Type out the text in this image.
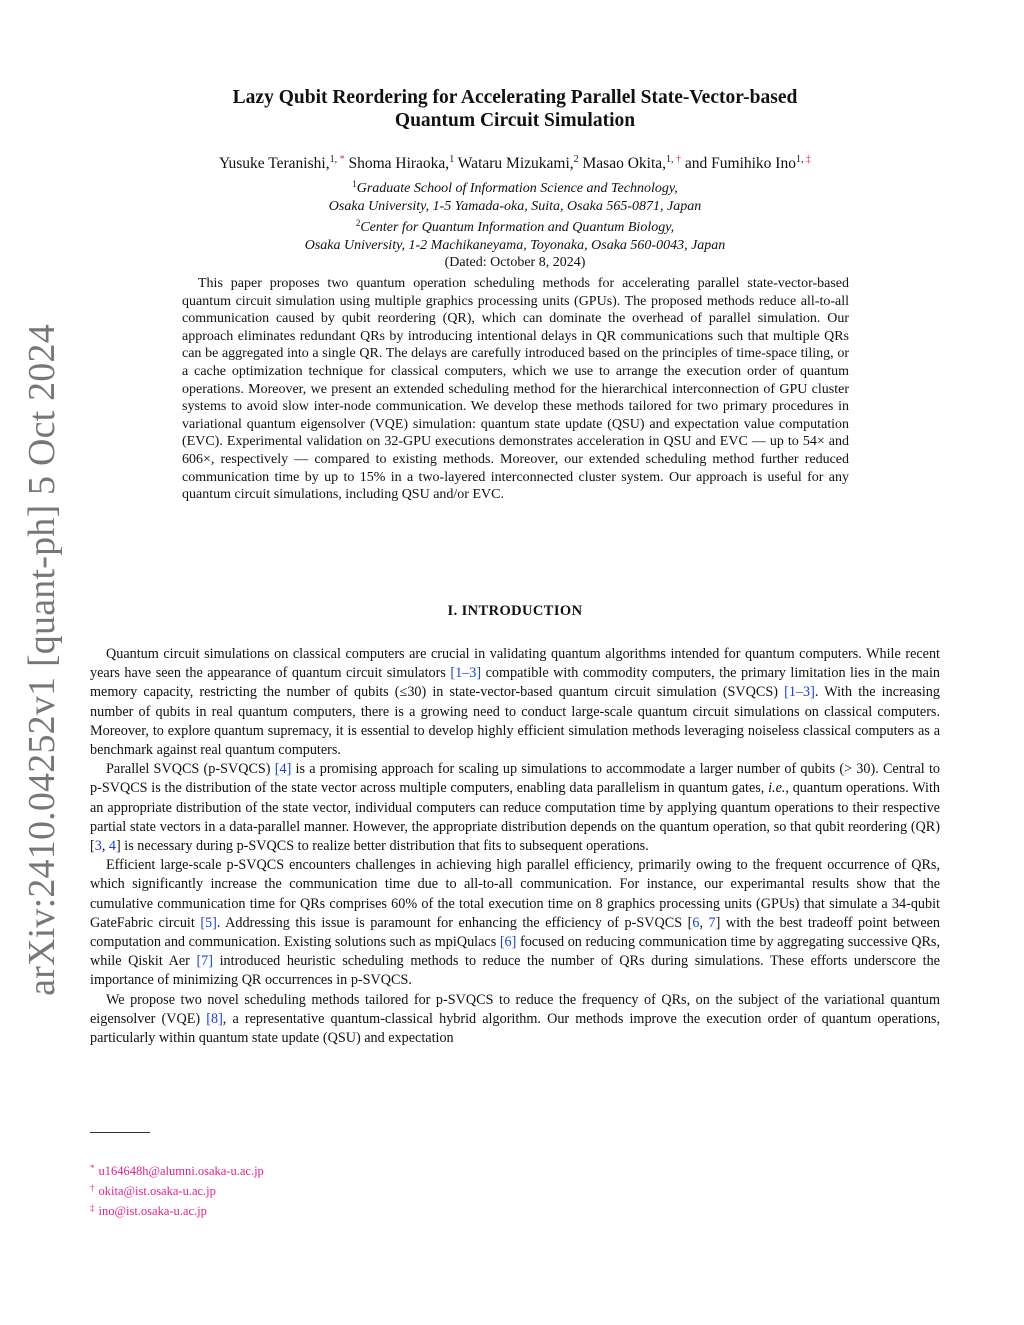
arXiv:2410.04252v1 [quant-ph] 5 Oct 2024
Lazy Qubit Reordering for Accelerating Parallel State-Vector-based
Quantum Circuit Simulation
Yusuke Teranishi,$^{1, *}$ Shoma Hiraoka,$^1$ Wataru Mizukami,$^2$ Masao Okita,$^{1, \dagger}$ and Fumihiko Ino$^{1, \ddagger}$
$^1$Graduate School of Information Science and Technology,
Osaka University, 1-5 Yamada-oka, Suita, Osaka 565-0871, Japan
$^2$Center for Quantum Information and Quantum Biology,
Osaka University, 1-2 Machikaneyama, Toyonaka, Osaka 560-0043, Japan
(Dated: October 8, 2024)

This paper proposes two quantum operation scheduling methods for accelerating parallel state-vector-based quantum circuit simulation using multiple graphics processing units (GPUs). The proposed methods reduce all-to-all communication caused by qubit reordering (QR), which can dominate the overhead of parallel simulation. Our approach eliminates redundant QRs by introducing intentional delays in QR communications such that multiple QRs can be aggregated into a single QR. The delays are carefully introduced based on the principles of time-space tiling, or a cache optimization technique for classical computers, which we use to arrange the execution order of quantum operations. Moreover, we present an extended scheduling method for the hierarchical interconnection of GPU cluster systems to avoid slow inter-node communication. We develop these methods tailored for two primary procedures in variational quantum eigensolver (VQE) simulation: quantum state update (QSU) and expectation value computation (EVC). Experimental validation on 32-GPU executions demonstrates acceleration in QSU and EVC — up to 54× and 606×, respectively — compared to existing methods. Moreover, our extended scheduling method further reduced communication time by up to 15% in a two-layered interconnected cluster system. Our approach is useful for any quantum circuit simulations, including QSU and/or EVC.

I. INTRODUCTION

Quantum circuit simulations on classical computers are crucial in validating quantum algorithms intended for quantum computers. While recent years have seen the appearance of quantum circuit simulators [1–3] compatible with commodity computers, the primary limitation lies in the main memory capacity, restricting the number of qubits (≤30) in state-vector-based quantum circuit simulation (SVQCS) [1–3]. With the increasing number of qubits in real quantum computers, there is a growing need to conduct large-scale quantum circuit simulations on classical computers. Moreover, to explore quantum supremacy, it is essential to develop highly efficient simulation methods leveraging noiseless classical computers as a benchmark against real quantum computers.

Parallel SVQCS (p-SVQCS) [4] is a promising approach for scaling up simulations to accommodate a larger number of qubits (> 30). Central to p-SVQCS is the distribution of the state vector across multiple computers, enabling data parallelism in quantum gates, i.e., quantum operations. With an appropriate distribution of the state vector, individual computers can reduce computation time by applying quantum operations to their respective partial state vectors in a data-parallel manner. However, the appropriate distribution depends on the quantum operation, so that qubit reordering (QR) [3, 4] is necessary during p-SVQCS to realize better distribution that fits to subsequent operations.

Efficient large-scale p-SVQCS encounters challenges in achieving high parallel efficiency, primarily owing to the frequent occurrence of QRs, which significantly increase the communication time due to all-to-all communication. For instance, our experimantal results show that the cumulative communication time for QRs comprises 60% of the total execution time on 8 graphics processing units (GPUs) that simulate a 34-qubit GateFabric circuit [5]. Addressing this issue is paramount for enhancing the efficiency of p-SVQCS [6, 7] with the best tradeoff point between computation and communication. Existing solutions such as mpiQulacs [6] focused on reducing communication time by aggregating successive QRs, while Qiskit Aer [7] introduced heuristic scheduling methods to reduce the number of QRs during simulations. These efforts underscore the importance of minimizing QR occurrences in p-SVQCS.

We propose two novel scheduling methods tailored for p-SVQCS to reduce the frequency of QRs, on the subject of the variational quantum eigensolver (VQE) [8], a representative quantum-classical hybrid algorithm. Our methods improve the execution order of quantum operations, particularly within quantum state update (QSU) and expectation

* u164648h@alumni.osaka-u.ac.jp
† okita@ist.osaka-u.ac.jp
‡ ino@ist.osaka-u.ac.jp
